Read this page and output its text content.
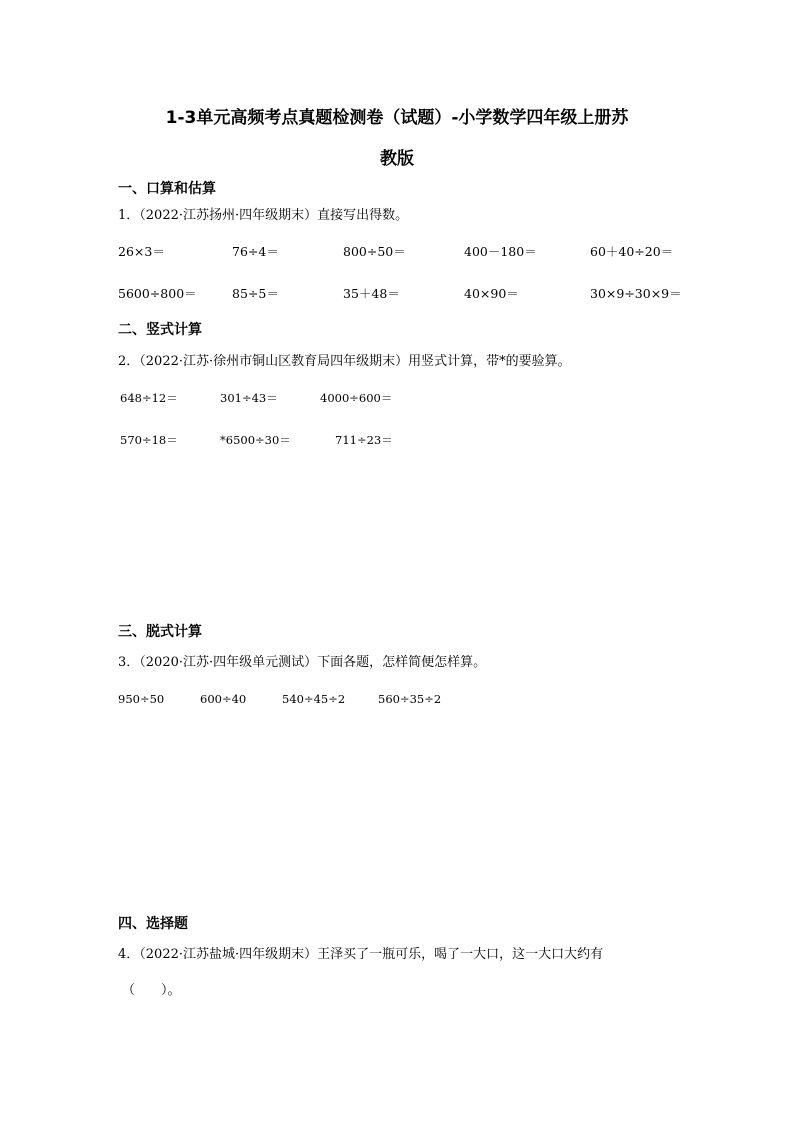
1-3单元高频考点真题检测卷（试题）-小学数学四年级上册苏
教版
一、口算和估算
1．（2022·江苏扬州·四年级期末）直接写出得数。
26×3＝	76÷4＝	800÷50＝	400－180＝	60＋40÷20＝
5600÷800＝	85÷5＝	35＋48＝	40×90＝	30×9÷30×9＝
二、竖式计算
2．（2022·江苏·徐州市铜山区教育局四年级期末）用竖式计算，带*的要验算。
648÷12＝	301÷43＝	4000÷600＝
570÷18＝	*6500÷30＝	711÷23＝
三、脱式计算
3．（2020·江苏·四年级单元测试）下面各题，怎样简便怎样算。
950÷50	600÷40	540÷45÷2	560÷35÷2
四、选择题
4．（2022·江苏盐城·四年级期末）王泽买了一瓶可乐，喝了一大口，这一大口大约有
（　　）。
